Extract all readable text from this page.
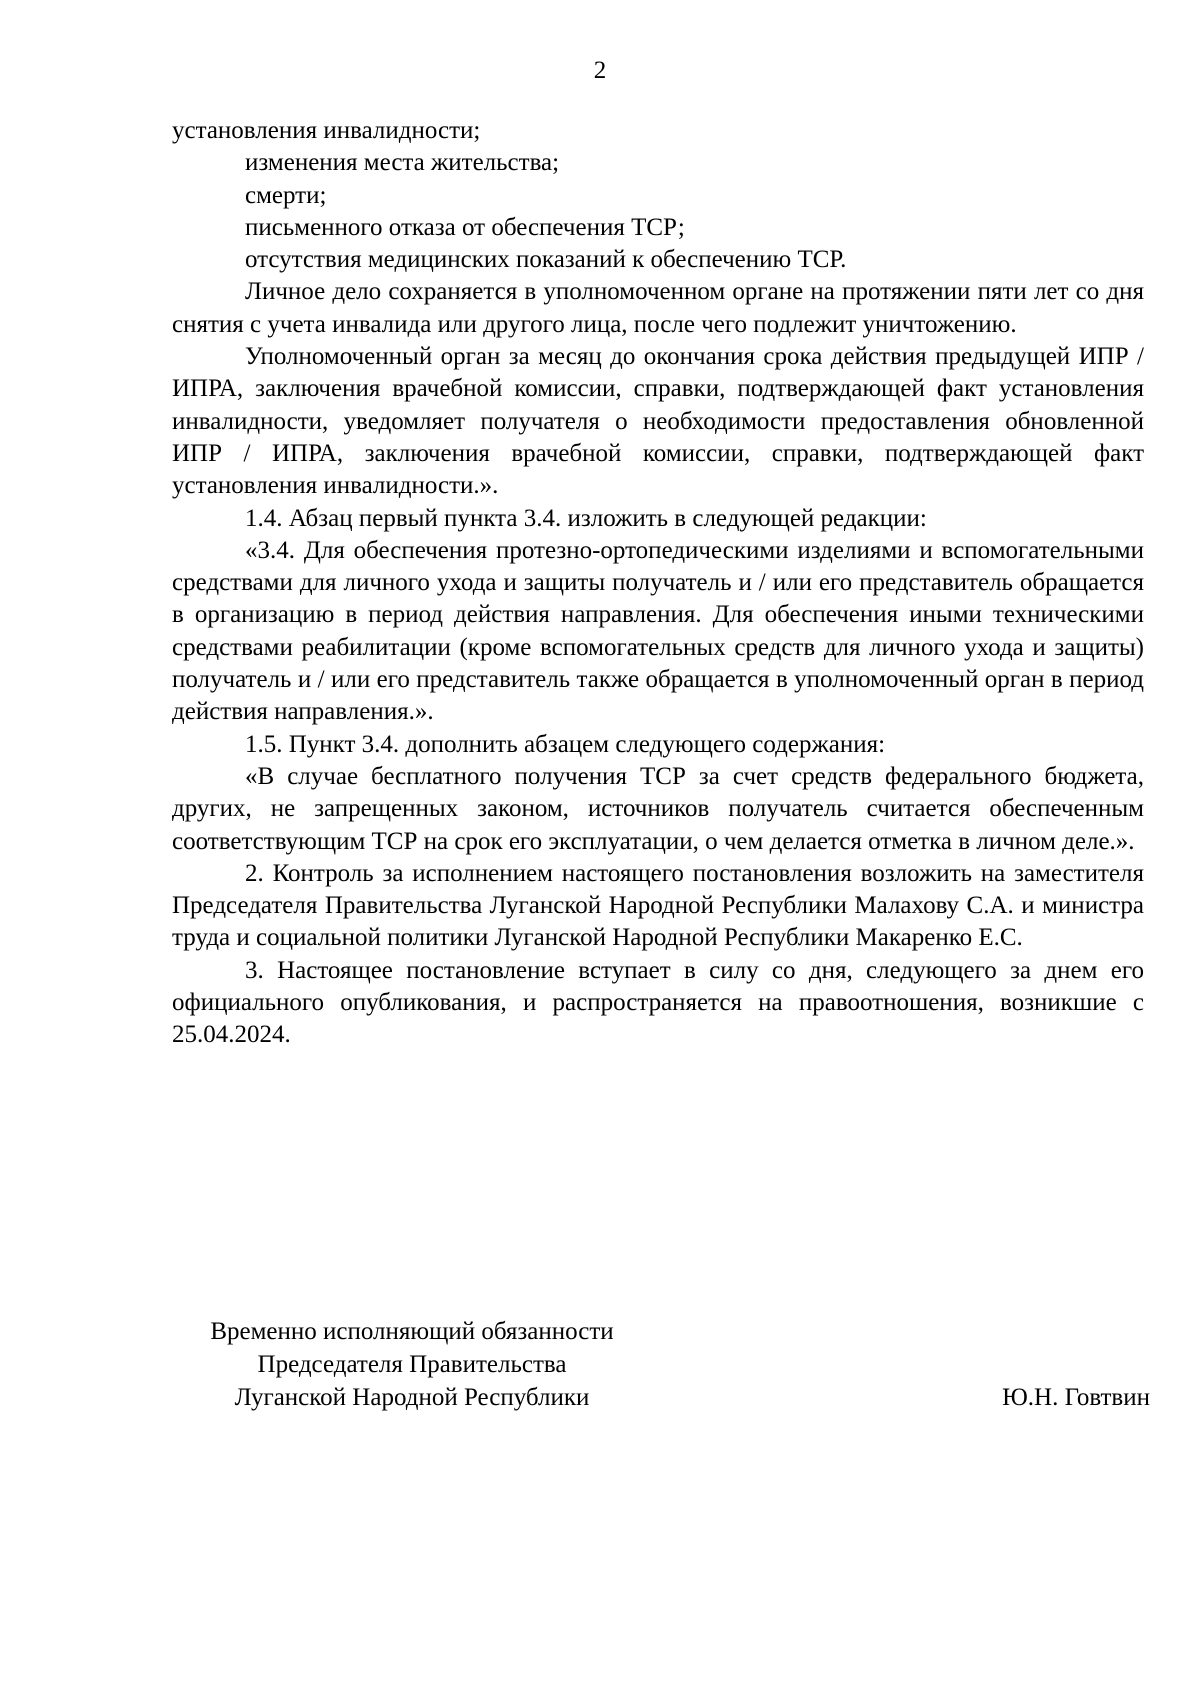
2

установления инвалидности;

изменения места жительства;

смерти;

письменного отказа от обеспечения ТСР;

отсутствия медицинских показаний к обеспечению ТСР.

Личное дело сохраняется в уполномоченном органе на протяжении пяти лет со дня снятия с учета инвалида или другого лица, после чего подлежит уничтожению.

Уполномоченный орган за месяц до окончания срока действия предыдущей ИПР / ИПРА, заключения врачебной комиссии, справки, подтверждающей факт установления инвалидности, уведомляет получателя о необходимости предоставления обновленной ИПР / ИПРА, заключения врачебной комиссии, справки, подтверждающей факт установления инвалидности.».

1.4. Абзац первый пункта 3.4. изложить в следующей редакции:

«3.4. Для обеспечения протезно-ортопедическими изделиями и вспомогательными средствами для личного ухода и защиты получатель и / или его представитель обращается в организацию в период действия направления. Для обеспечения иными техническими средствами реабилитации (кроме вспомогательных средств для личного ухода и защиты) получатель и / или его представитель также обращается в уполномоченный орган в период действия направления.».

1.5. Пункт 3.4. дополнить абзацем следующего содержания:

«В случае бесплатного получения ТСР за счет средств федерального бюджета, других, не запрещенных законом, источников получатель считается обеспеченным соответствующим ТСР на срок его эксплуатации, о чем делается отметка в личном деле.».

2. Контроль за исполнением настоящего постановления возложить на заместителя Председателя Правительства Луганской Народной Республики Малахову С.А. и министра труда и социальной политики Луганской Народной Республики Макаренко Е.С.

3. Настоящее постановление вступает в силу со дня, следующего за днем его официального опубликования, и распространяется на правоотношения, возникшие с 25.04.2024.

Временно исполняющий обязанности
Председателя Правительства
Луганской Народной Республики	Ю.Н. Говтвин
